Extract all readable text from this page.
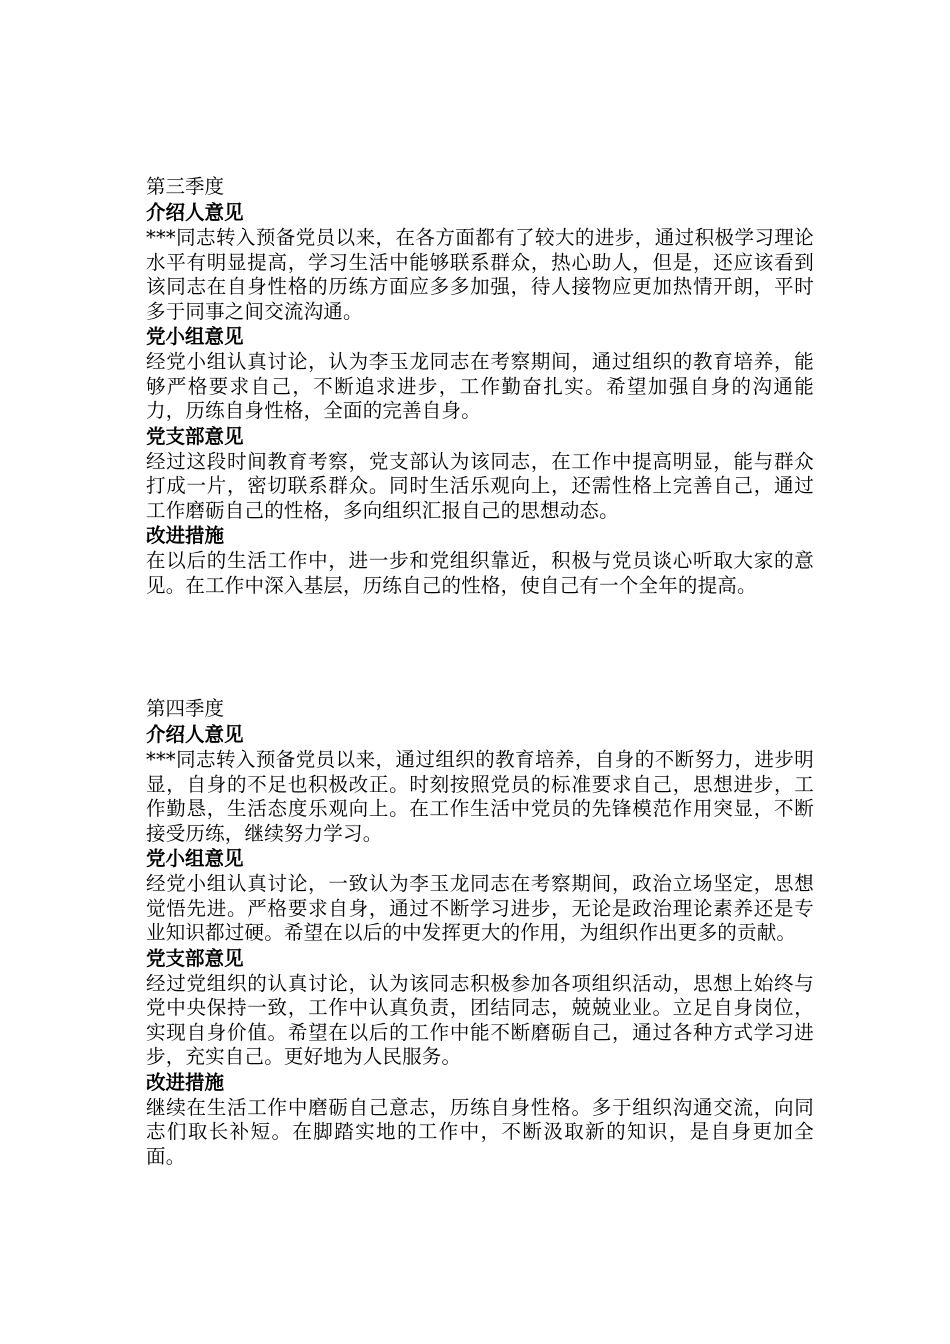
第三季度

介绍人意见

***同志转入预备党员以来，在各方面都有了较大的进步，通过积极学习理论水平有明显提高，学习生活中能够联系群众，热心助人，但是，还应该看到该同志在自身性格的历练方面应多多加强，待人接物应更加热情开朗，平时多于同事之间交流沟通。

党小组意见

经党小组认真讨论，认为李玉龙同志在考察期间，通过组织的教育培养，能够严格要求自己，不断追求进步，工作勤奋扎实。希望加强自身的沟通能力，历练自身性格，全面的完善自身。

党支部意见

经过这段时间教育考察，党支部认为该同志，在工作中提高明显，能与群众打成一片，密切联系群众。同时生活乐观向上，还需性格上完善自己，通过工作磨砺自己的性格，多向组织汇报自己的思想动态。

改进措施

在以后的生活工作中，进一步和党组织靠近，积极与党员谈心听取大家的意见。在工作中深入基层，历练自己的性格，使自己有一个全年的提高。

第四季度

介绍人意见

***同志转入预备党员以来，通过组织的教育培养，自身的不断努力，进步明显，自身的不足也积极改正。时刻按照党员的标准要求自己，思想进步，工作勤恳，生活态度乐观向上。在工作生活中党员的先锋模范作用突显，不断接受历练，继续努力学习。

党小组意见

经党小组认真讨论，一致认为李玉龙同志在考察期间，政治立场坚定，思想觉悟先进。严格要求自身，通过不断学习进步，无论是政治理论素养还是专业知识都过硬。希望在以后的中发挥更大的作用，为组织作出更多的贡献。

党支部意见

经过党组织的认真讨论，认为该同志积极参加各项组织活动，思想上始终与党中央保持一致，工作中认真负责，团结同志，兢兢业业。立足自身岗位，实现自身价值。希望在以后的工作中能不断磨砺自己，通过各种方式学习进步，充实自己。更好地为人民服务。

改进措施

继续在生活工作中磨砺自己意志，历练自身性格。多于组织沟通交流，向同志们取长补短。在脚踏实地的工作中，不断汲取新的知识，是自身更加全面。
